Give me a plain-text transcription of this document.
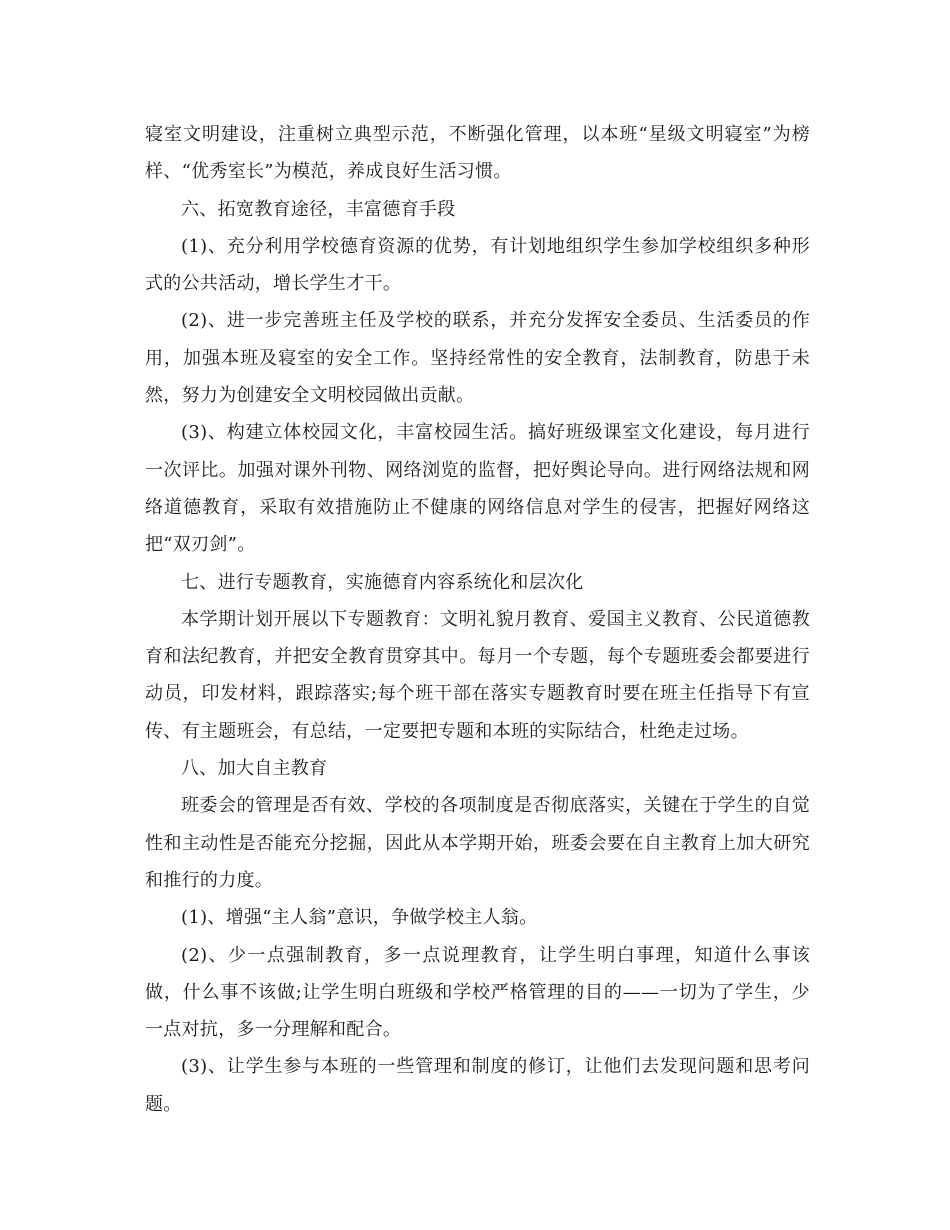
寝室文明建设，注重树立典型示范，不断强化管理，以本班“星级文明寝室”为榜样、“优秀室长”为模范，养成良好生活习惯。

六、拓宽教育途径，丰富德育手段

(1)、充分利用学校德育资源的优势，有计划地组织学生参加学校组织多种形式的公共活动，增长学生才干。

(2)、进一步完善班主任及学校的联系，并充分发挥安全委员、生活委员的作用，加强本班及寝室的安全工作。坚持经常性的安全教育，法制教育，防患于未然，努力为创建安全文明校园做出贡献。

(3)、构建立体校园文化，丰富校园生活。搞好班级课室文化建设，每月进行一次评比。加强对课外刊物、网络浏览的监督，把好舆论导向。进行网络法规和网络道德教育，采取有效措施防止不健康的网络信息对学生的侵害，把握好网络这把“双刃剑”。

七、进行专题教育，实施德育内容系统化和层次化

本学期计划开展以下专题教育：文明礼貌月教育、爱国主义教育、公民道德教育和法纪教育，并把安全教育贯穿其中。每月一个专题，每个专题班委会都要进行动员，印发材料，跟踪落实;每个班干部在落实专题教育时要在班主任指导下有宣传、有主题班会，有总结，一定要把专题和本班的实际结合，杜绝走过场。

八、加大自主教育

班委会的管理是否有效、学校的各项制度是否彻底落实，关键在于学生的自觉性和主动性是否能充分挖掘，因此从本学期开始，班委会要在自主教育上加大研究和推行的力度。

(1)、增强“主人翁”意识，争做学校主人翁。

(2)、少一点强制教育，多一点说理教育，让学生明白事理，知道什么事该做，什么事不该做;让学生明白班级和学校严格管理的目的——一切为了学生，少一点对抗，多一分理解和配合。

(3)、让学生参与本班的一些管理和制度的修订，让他们去发现问题和思考问题。
